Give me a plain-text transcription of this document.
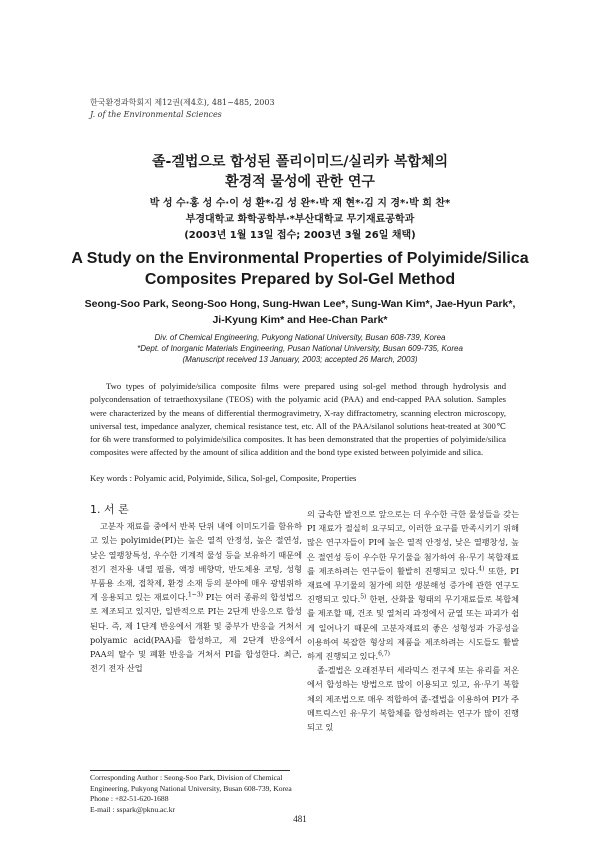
한국환경과학회지 제12권(제4호), 481~485, 2003
J. of the Environmental Sciences
졸-겔법으로 합성된 폴리이미드/실리카 복합체의
환경적 물성에 관한 연구
박 성 수·홍 성 수·이 성 환*·김 성 완*·박 재 현*·김 지 경*·박 희 찬*
부경대학교 화학공학부·*부산대학교 무기재료공학과
(2003년 1월 13일 접수; 2003년 3월 26일 채택)
A Study on the Environmental Properties of Polyimide/Silica
Composites Prepared by Sol-Gel Method
Seong-Soo Park, Seong-Soo Hong, Sung-Hwan Lee*, Sung-Wan Kim*, Jae-Hyun Park*,
Ji-Kyung Kim* and Hee-Chan Park*
Div. of Chemical Engineering, Pukyong National University, Busan 608-739, Korea
*Dept. of Inorganic Materials Engineering, Pusan National University, Busan 609-735, Korea
(Manuscript received 13 January, 2003; accepted 26 March, 2003)

Two types of polyimide/silica composite films were prepared using sol-gel method through hydrolysis and polycondensation of tetraethoxysilane (TEOS) with the polyamic acid (PAA) and end-capped PAA solution. Samples were characterized by the means of differential thermogravimetry, X-ray diffractometry, scanning electron microscopy, universal test, impedance analyzer, chemical resistance test, etc. All of the PAA/silanol solutions heat-treated at 300℃ for 6h were transformed to polyimide/silica composites. It has been demonstrated that the properties of polyimide/silica composites were affected by the amount of silica addition and the bond type existed between polyimide and silica.

Key words : Polyamic acid, Polyimide, Silica, Sol-gel, Composite, Properties
1. 서 론

고분자 재료를 중에서 반복 단위 내에 이미도기를 함유하고 있는 polyimide(PI)는 높은 열적 안정성, 높은 절연성, 낮은 열팽창특성, 우수한 기계적 물성 등을 보유하기 때문에 전기 전자용 내열 필름, 액정 배향막, 반도체용 코팅, 성형 부품용 소재, 접착제, 환경 소재 등의 분야에 매우 광범위하게 응용되고 있는 재료이다.$^{1\sim 3)}$ PI는 여러 종류의 합성법으로 제조되고 있지만, 일반적으로 PI는 2단계 반응으로 합성된다. 즉, 제 1단계 반응에서 개환 및 중부가 반응을 거쳐서 polyamic acid(PAA)를 합성하고, 제 2단계 반응에서 PAA의 탈수 및 폐환 반응을 거쳐서 PI를 합성한다. 최근, 전기 전자 산업

의 급속한 발전으로 앞으로는 더 우수한 극한 물성들을 갖는 PI 재료가 절실히 요구되고, 이러한 요구를 만족시키기 위해 많은 연구자들이 PI에 높은 열적 안정성, 낮은 열팽창성, 높은 절연성 등이 우수한 무기물을 첨가하여 유·무기 복합재료를 제조하려는 연구들이 활발히 진행되고 있다.$^{4)}$ 또한, PI 재료에 무기물의 첨가에 의한 생분해성 증가에 관한 연구도 진행되고 있다.$^{5)}$ 한편, 산화물 형태의 무기재료들로 복합체를 제조할 때, 건조 및 열처리 과정에서 균열 또는 파괴가 쉽게 일어나기 때문에 고분자재료의 좋은 성형성과 가공성을 이용하여 복잡한 형상의 제품을 제조하려는 시도들도 활발하게 진행되고 있다.$^{6,7)}$

졸-겔법은 오래전부터 세라믹스 전구체 또는 유리를 저온에서 합성하는 방법으로 많이 이용되고 있고, 유·무기 복합체의 제조법으로 매우 적합하여 졸-겔법을 이용하여 PI가 주메트릭스인 유·무기 복합체를 합성하려는 연구가 많이 진행되고 있

Corresponding Author : Seong-Soo Park, Division of Chemical Engineering, Pukyong National University, Busan 608-739, Korea
Phone : +82-51-620-1688
E-mail : sspark@pknu.ac.kr
481
